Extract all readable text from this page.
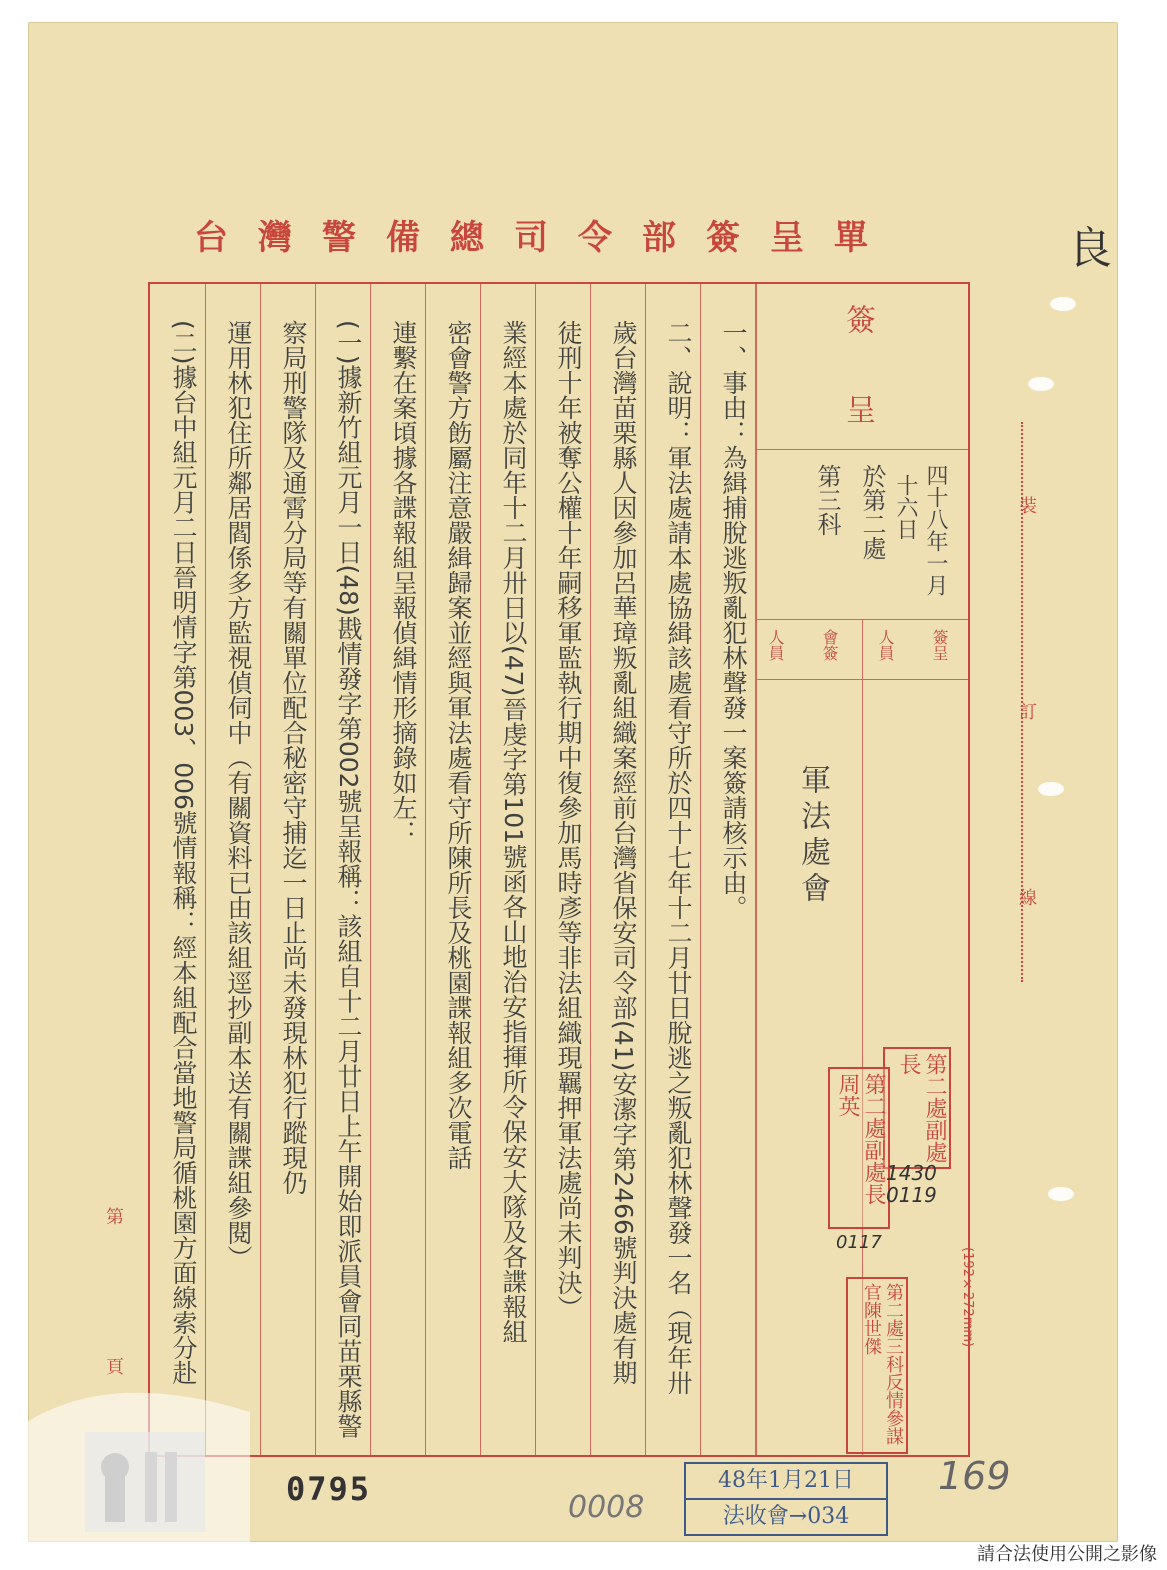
良
台灣警備總司令部簽呈單
裝
訂
線
第
頁
(192×272mm)
簽
呈
四十八年一月
十六日
於第二處
第三科
簽呈
人員
會簽
人員
軍法處會
一、事由：為緝捕脫逃叛亂犯林聲發一案簽請核示由。
二、說明：軍法處請本處協緝該處看守所於四十七年十二月廿日脫逃之叛亂犯林聲發一名（現年卅
歲台灣苗栗縣人因參加呂華璋叛亂組織案經前台灣省保安司令部(41)安潔字第2466號判決處有期
徒刑十年被奪公權十年嗣移軍監執行期中復參加馬時彥等非法組織現羈押軍法處尚未判決）
業經本處於同年十二月卅日以(47)晉虔字第101號函各山地治安指揮所令保安大隊及各諜報組
密會警方飭屬注意嚴緝歸案並經與軍法處看守所陳所長及桃園諜報組多次電話
連繫在案頃據各諜報組呈報偵緝情形摘錄如左：
(一)據新竹組元月一日(48)戡情發字第002號呈報稱：該組自十二月廿日上午開始即派員會同苗栗縣警
察局刑警隊及通霄分局等有關單位配合秘密守捕迄一日止尚未發現林犯行蹤現仍
運用林犯住所鄰居閻係多方監視偵伺中（有關資料已由該組逕抄副本送有關諜組參閱）
(二)據台中組元月二日晉明情字第003、006號情報稱：經本組配合當地警局循桃園方面線索分赴	第二處副處長
第二處副處長周英
第二處三科反情參謀官陳世傑
1430 0119
0117
0795	48年1月21日
法收會→034
0008
169
請合法使用公開之影像
